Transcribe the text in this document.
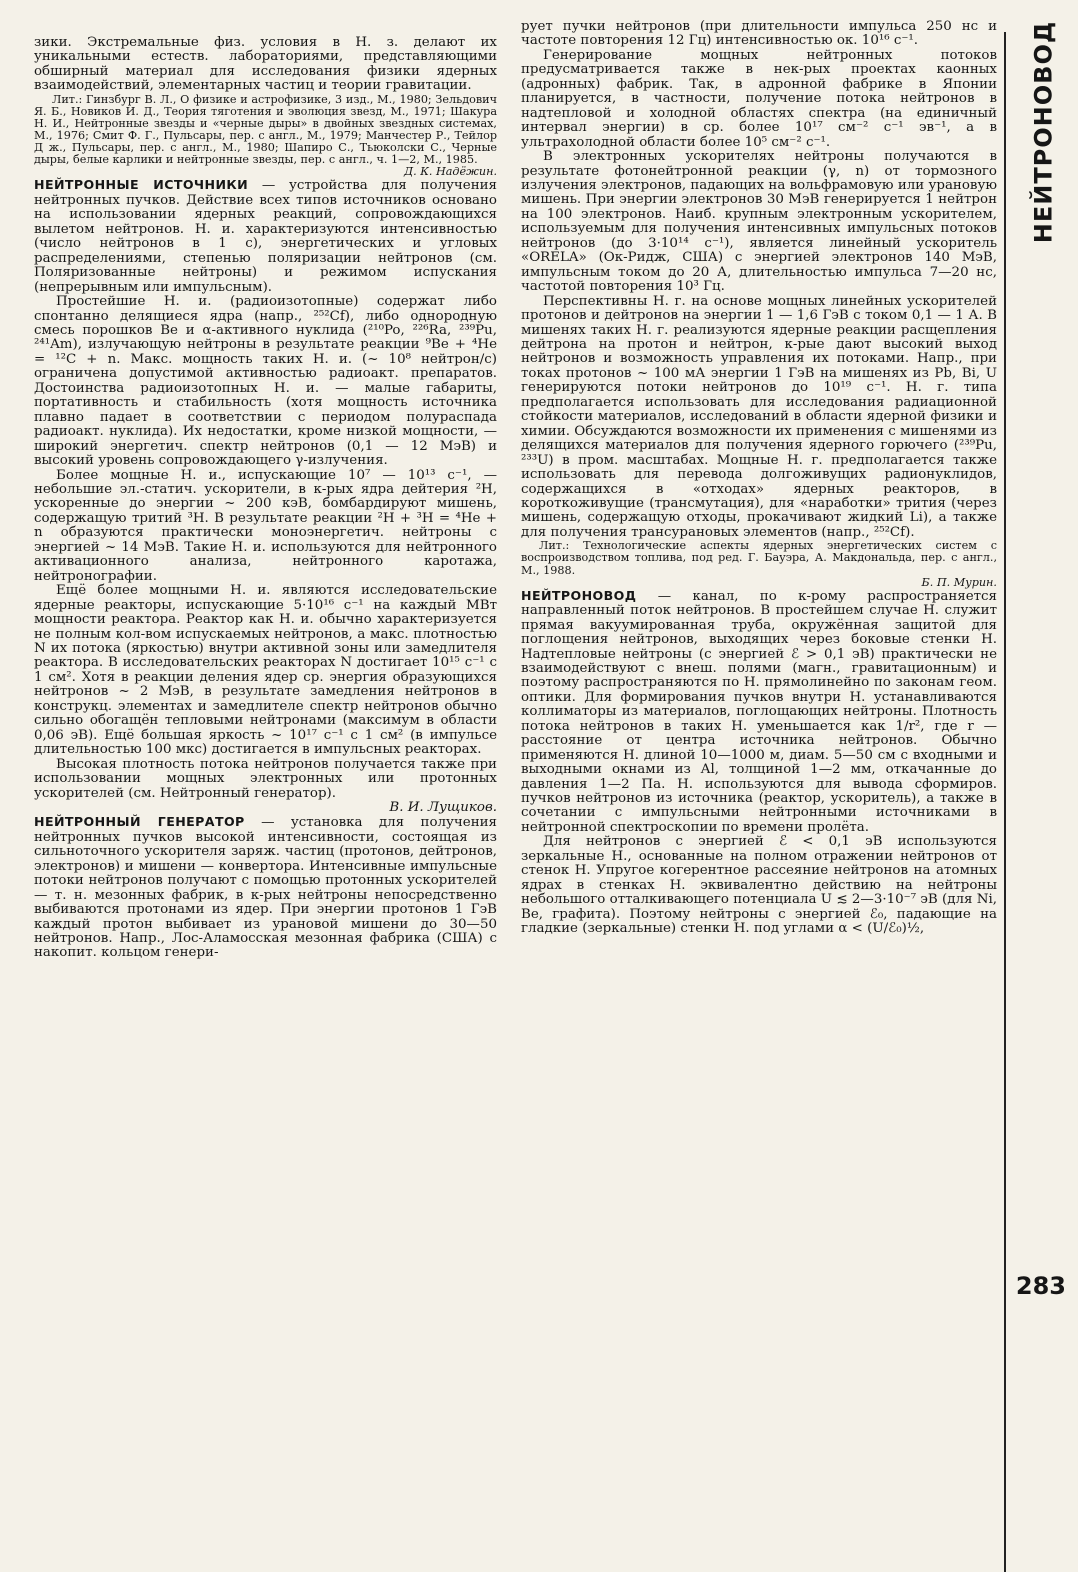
НЕЙТРОНОВОД

зики. Экстремальные физ. условия в Н. з. делают их уникальными естеств. лабораториями, представляющими обширный материал для исследования физики ядерных взаимодействий, элементарных частиц и теории гравитации.

Лит.: Гинзбург В. Л., О физике и астрофизике, 3 изд., М., 1980; Зельдович Я. Б., Новиков И. Д., Теория тяготения и эволюция звезд, М., 1971; Шакура Н. И., Нейтронные звезды и «черные дыры» в двойных звездных системах, М., 1976; Смит Ф. Г., Пульсары, пер. с англ., М., 1979; Манчестер Р., Тейлор Д ж., Пульсары, пер. с англ., М., 1980; Шапиро С., Тьюколски С., Черные дыры, белые карлики и нейтронные звезды, пер. с англ., ч. 1—2, М., 1985.

Д. К. Надёжин.

НЕЙТРОННЫЕ ИСТОЧНИКИ — устройства для получения нейтронных пучков. Действие всех типов источников основано на использовании ядерных реакций, сопровождающихся вылетом нейтронов. Н. и. характеризуются интенсивностью (число нейтронов в 1 с), энергетических и угловых распределениями, степенью поляризации нейтронов (см. Поляризованные нейтроны) и режимом испускания (непрерывным или импульсным).

Простейшие Н. и. (радиоизотопные) содержат либо спонтанно делящиеся ядра (напр., ²⁵²Cf), либо однородную смесь порошков Be и α-активного нуклида (²¹⁰Po, ²²⁶Ra, ²³⁹Pu, ²⁴¹Am), излучающую нейтроны в результате реакции ⁹Be + ⁴He = ¹²C + n. Макс. мощность таких Н. и. (~ 10⁸ нейтрон/с) ограничена допустимой активностью радиоакт. препаратов. Достоинства радиоизотопных Н. и. — малые габариты, портативность и стабильность (хотя мощность источника плавно падает в соответствии с периодом полураспада радиоакт. нуклида). Их недостатки, кроме низкой мощности, — широкий энергетич. спектр нейтронов (0,1 — 12 МэВ) и высокий уровень сопровождающего γ-излучения.

Более мощные Н. и., испускающие 10⁷ — 10¹³ с⁻¹, — небольшие эл.-статич. ускорители, в к-рых ядра дейтерия ²H, ускоренные до энергии ~ 200 кэВ, бомбардируют мишень, содержащую тритий ³H. В результате реакции ²H + ³H = ⁴He + n образуются практически моноэнергетич. нейтроны с энергией ~ 14 МэВ. Такие Н. и. используются для нейтронного активационного анализа, нейтронного каротажа, нейтронографии.

Ещё более мощными Н. и. являются исследовательские ядерные реакторы, испускающие 5·10¹⁶ с⁻¹ на каждый МВт мощности реактора. Реактор как Н. и. обычно характеризуется не полным кол-вом испускаемых нейтронов, а макс. плотностью N их потока (яркостью) внутри активной зоны или замедлителя реактора. В исследовательских реакторах N достигает 10¹⁵ с⁻¹ с 1 см². Хотя в реакции деления ядер ср. энергия образующихся нейтронов ~ 2 МэВ, в результате замедления нейтронов в конструкц. элементах и замедлителе спектр нейтронов обычно сильно обогащён тепловыми нейтронами (максимум в области 0,06 эВ). Ещё большая яркость ~ 10¹⁷ с⁻¹ с 1 см² (в импульсе длительностью 100 мкс) достигается в импульсных реакторах.

Высокая плотность потока нейтронов получается также при использовании мощных электронных или протонных ускорителей (см. Нейтронный генератор).

В. И. Лущиков.

НЕЙТРОННЫЙ ГЕНЕРАТОР — установка для получения нейтронных пучков высокой интенсивности, состоящая из сильноточного ускорителя заряж. частиц (протонов, дейтронов, электронов) и мишени — конвертора. Интенсивные импульсные потоки нейтронов получают с помощью протонных ускорителей — т. н. мезонных фабрик, в к-рых нейтроны непосредственно выбиваются протонами из ядер. При энергии протонов 1 ГэВ каждый протон выбивает из урановой мишени до 30—50 нейтронов. Напр., Лос-Аламосская мезонная фабрика (США) с накопит. кольцом генери-

рует пучки нейтронов (при длительности импульса 250 нс и частоте повторения 12 Гц) интенсивностью ок. 10¹⁶ с⁻¹.

Генерирование мощных нейтронных потоков предусматривается также в нек-рых проектах каонных (адронных) фабрик. Так, в адронной фабрике в Японии планируется, в частности, получение потока нейтронов в надтепловой и холодной областях спектра (на единичный интервал энергии) в ср. более 10¹⁷ см⁻² с⁻¹ эв⁻¹, а в ультрахолодной области более 10⁵ см⁻² с⁻¹.

В электронных ускорителях нейтроны получаются в результате фотонейтронной реакции (γ, n) от тормозного излучения электронов, падающих на вольфрамовую или урановую мишень. При энергии электронов 30 МэВ генерируется 1 нейтрон на 100 электронов. Наиб. крупным электронным ускорителем, используемым для получения интенсивных импульсных потоков нейтронов (до 3·10¹⁴ с⁻¹), является линейный ускоритель «ORELA» (Ок-Ридж, США) с энергией электронов 140 МэВ, импульсным током до 20 А, длительностью импульса 7—20 нс, частотой повторения 10³ Гц.

Перспективны Н. г. на основе мощных линейных ускорителей протонов и дейтронов на энергии 1 — 1,6 ГэВ с током 0,1 — 1 А. В мишенях таких Н. г. реализуются ядерные реакции расщепления дейтрона на протон и нейтрон, к-рые дают высокий выход нейтронов и возможность управления их потоками. Напр., при токах протонов ~ 100 мА энергии 1 ГэВ на мишенях из Pb, Bi, U генерируются потоки нейтронов до 10¹⁹ с⁻¹. Н. г. типа предполагается использовать для исследования радиационной стойкости материалов, исследований в области ядерной физики и химии. Обсуждаются возможности их применения с мишенями из делящихся материалов для получения ядерного горючего (²³⁹Pu, ²³³U) в пром. масштабах. Мощные Н. г. предполагается также использовать для перевода долгоживущих радионуклидов, содержащихся в «отходах» ядерных реакторов, в короткоживущие (трансмутация), для «наработки» трития (через мишень, содержащую отходы, прокачивают жидкий Li), а также для получения трансурановых элементов (напр., ²⁵²Cf).

Лит.: Технологические аспекты ядерных энергетических систем с воспроизводством топлива, под ред. Г. Бауэра, А. Макдональда, пер. с англ., М., 1988.

Б. П. Мурин.

НЕЙТРОНОВОД — канал, по к-рому распространяется направленный поток нейтронов. В простейшем случае Н. служит прямая вакуумированная труба, окружённая защитой для поглощения нейтронов, выходящих через боковые стенки Н. Надтепловые нейтроны (с энергией ℰ > 0,1 эВ) практически не взаимодействуют с внеш. полями (магн., гравитационным) и поэтому распространяются по Н. прямолинейно по законам геом. оптики. Для формирования пучков внутри Н. устанавливаются коллиматоры из материалов, поглощающих нейтроны. Плотность потока нейтронов в таких Н. уменьшается как 1/r², где r — расстояние от центра источника нейтронов. Обычно применяются Н. длиной 10—1000 м, диам. 5—50 см с входными и выходными окнами из Al, толщиной 1—2 мм, откачанные до давления 1—2 Па. Н. используются для вывода сформиров. пучков нейтронов из источника (реактор, ускоритель), а также в сочетании с импульсными нейтронными источниками в нейтронной спектроскопии по времени пролёта.

Для нейтронов с энергией ℰ < 0,1 эВ используются зеркальные Н., основанные на полном отражении нейтронов от стенок Н. Упругое когерентное рассеяние нейтронов на атомных ядрах в стенках Н. эквивалентно действию на нейтроны небольшого отталкивающего потенциала U ≲ 2—3·10⁻⁷ эВ (для Ni, Be, графита). Поэтому нейтроны с энергией ℰ₀, падающие на гладкие (зеркальные) стенки Н. под углами α < (U/ℰ₀)½,

283
